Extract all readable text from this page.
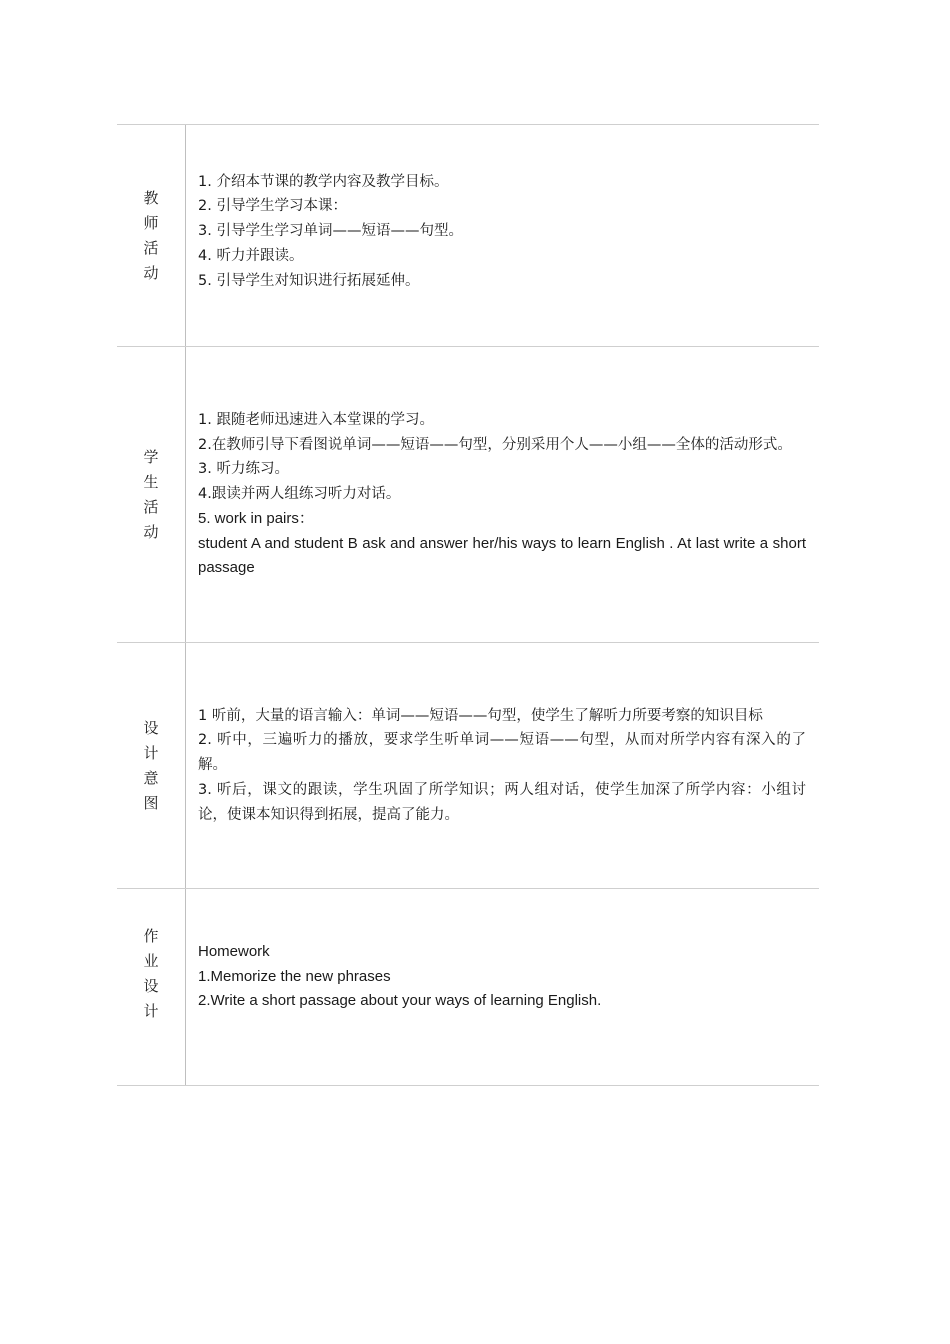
教
师
活
动

1. 介绍本节课的教学内容及教学目标。

2. 引导学生学习本课：

3. 引导学生学习单词——短语——句型。

4. 听力并跟读。

5. 引导学生对知识进行拓展延伸。

学
生
活
动

1. 跟随老师迅速进入本堂课的学习。

2.在教师引导下看图说单词——短语——句型，分别采用个人——小组——全体的活动形式。

3. 听力练习。

4.跟读并两人组练习听力对话。

5. work in pairs：

student A and student B ask and answer her/his ways to learn English . At last write a short passage

设
计
意
图

1 听前，大量的语言输入：单词——短语——句型，使学生了解听力所要考察的知识目标

2. 听中，三遍听力的播放，要求学生听单词——短语——句型，从而对所学内容有深入的了解。

3. 听后，课文的跟读，学生巩固了所学知识；两人组对话，使学生加深了所学内容：小组讨论，使课本知识得到拓展，提高了能力。

作
业
设
计

Homework

1.Memorize the new phrases

2.Write a short passage about your ways of learning English.
